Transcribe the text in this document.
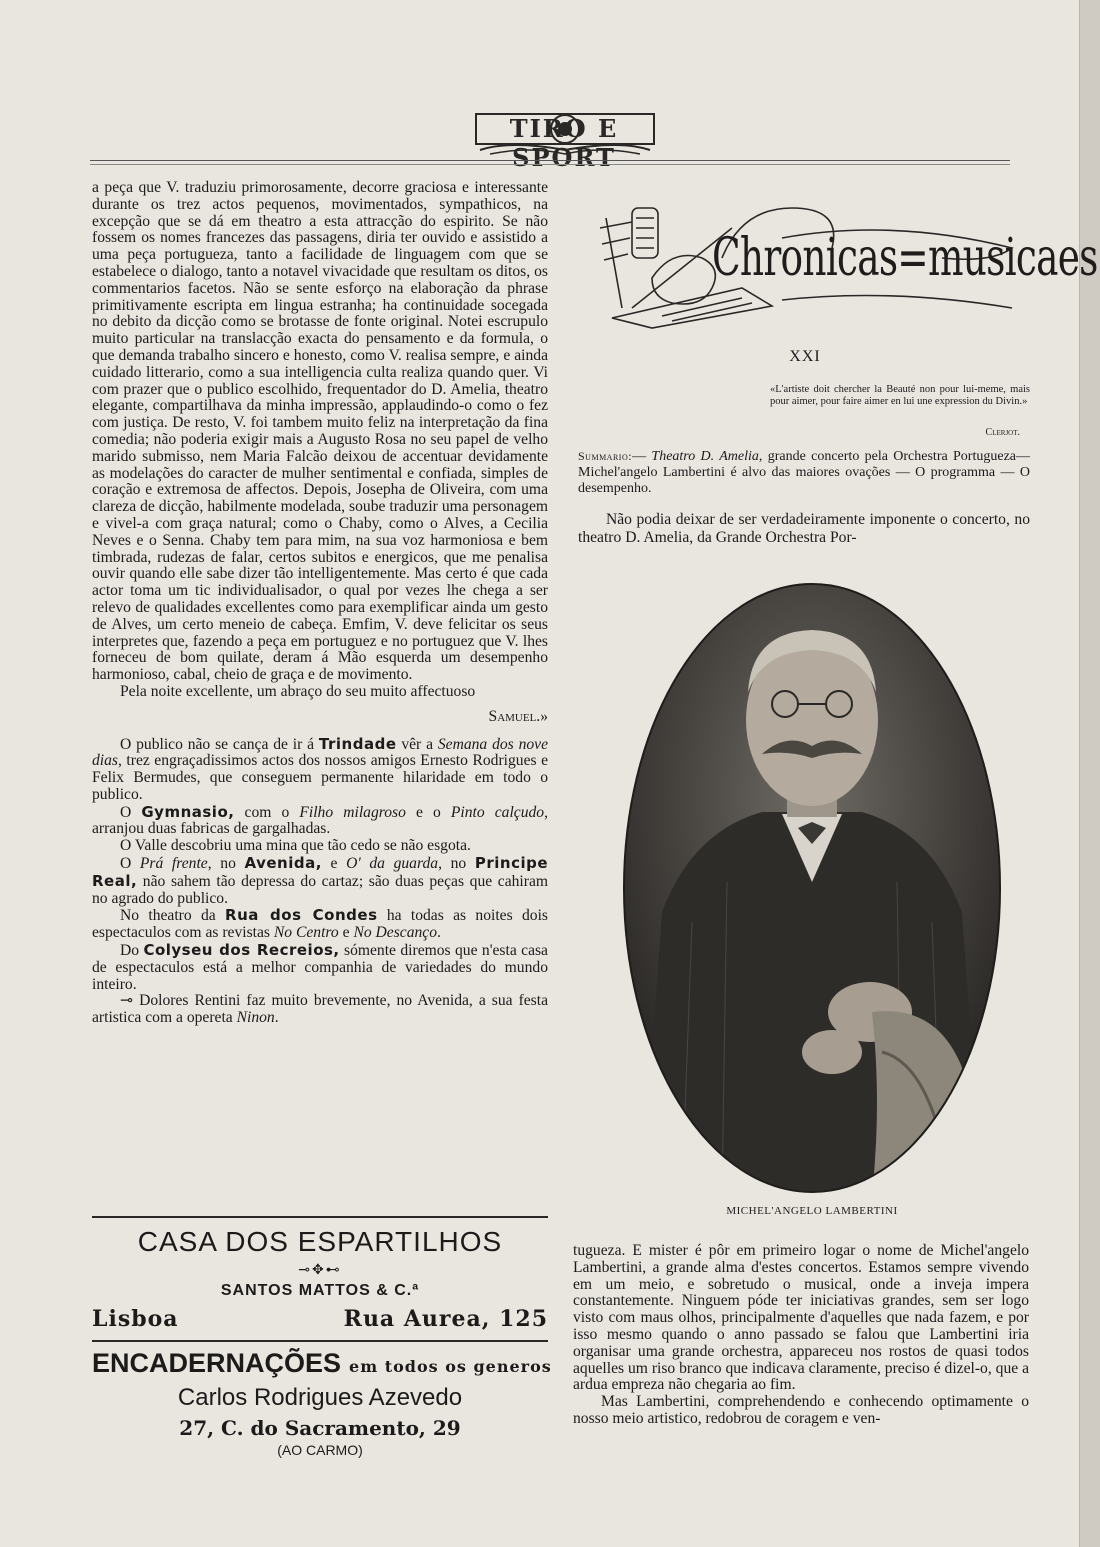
TIRO E SPORT

a peça que V. traduziu primorosamente, decorre graciosa e interessante durante os trez actos pequenos, movimentados, sympathicos, na excepção que se dá em theatro a esta attracção do espirito. Se não fossem os nomes francezes das passagens, diria ter ouvido e assistido a uma peça portugueza, tanto a facilidade de linguagem com que se estabelece o dialogo, tanto a notavel vivacidade que resultam os ditos, os commentarios facetos. Não se sente esforço na elaboração da phrase primitivamente escripta em lingua estranha; ha continuidade socegada no debito da dicção como se brotasse de fonte original. Notei escrupulo muito particular na translacção exacta do pensamento e da formula, o que demanda trabalho sincero e honesto, como V. realisa sempre, e ainda cuidado litterario, como a sua intelligencia culta realiza quando quer. Vi com prazer que o publico escolhido, frequentador do D. Amelia, theatro elegante, compartilhava da minha impressão, applaudindo-o como o fez com justiça. De resto, V. foi tambem muito feliz na interpretação da fina comedia; não poderia exigir mais a Augusto Rosa no seu papel de velho marido submisso, nem Maria Falcão deixou de accentuar devidamente as modelações do caracter de mulher sentimental e confiada, simples de coração e extremosa de affectos. Depois, Josepha de Oliveira, com uma clareza de dicção, habilmente modelada, soube traduzir uma personagem e vivel-a com graça natural; como o Chaby, como o Alves, a Cecilia Neves e o Senna. Chaby tem para mim, na sua voz harmoniosa e bem timbrada, rudezas de falar, certos subitos e energicos, que me penalisa ouvir quando elle sabe dizer tão intelligentemente. Mas certo é que cada actor toma um tic individualisador, o qual por vezes lhe chega a ser relevo de qualidades excellentes como para exemplificar ainda um gesto de Alves, um certo meneio de cabeça. Emfim, V. deve felicitar os seus interpretes que, fazendo a peça em portuguez e no portuguez que V. lhes forneceu de bom quilate, deram á Mão esquerda um desempenho harmonioso, cabal, cheio de graça e de movimento.

Pela noite excellente, um abraço do seu muito affectuoso

Samuel.»

O publico não se cança de ir á Trindade vêr a Semana dos nove dias, trez engraçadissimos actos dos nossos amigos Ernesto Rodrigues e Felix Bermudes, que conseguem permanente hilaridade em todo o publico.

O Gymnasio, com o Filho milagroso e o Pinto calçudo, arranjou duas fabricas de gargalhadas.

O Valle descobriu uma mina que tão cedo se não esgota.

O Prá frente, no Avenida, e O' da guarda, no Principe Real, não sahem tão depressa do cartaz; são duas peças que cahiram no agrado do publico.

No theatro da Rua dos Condes ha todas as noites dois espectaculos com as revistas No Centro e No Descanço.

Do Colyseu dos Recreios, sómente diremos que n'esta casa de espectaculos está a melhor companhia de variedades do mundo inteiro.

⊸ Dolores Rentini faz muito brevemente, no Avenida, a sua festa artistica com a opereta Ninon.

CASA DOS ESPARTILHOS
⊸✥⊷
SANTOS MATTOS & C.ª
Lisboa	Rua Aurea, 125
ENCADERNAÇÕES em todos os generos
Carlos Rodrigues Azevedo
27, C. do Sacramento, 29
(AO CARMO)
Chronicas=musicaes
XXI
«L'artiste doit chercher la Beauté non pour lui-meme, mais pour aimer, pour faire aimer en lui une expression du Divin.»
Clerjot.
Summario:— Theatro D. Amelia, grande concerto pela Orchestra Portugueza—Michel'angelo Lambertini é alvo das maiores ovações — O programma — O desempenho.

Não podia deixar de ser verdadeiramente imponente o concerto, no theatro D. Amelia, da Grande Orchestra Por-

MICHEL'ANGELO LAMBERTINI

tugueza. E mister é pôr em primeiro logar o nome de Michel'angelo Lambertini, a grande alma d'estes concertos. Estamos sempre vivendo em um meio, e sobretudo o musical, onde a inveja impera constantemente. Ninguem póde ter iniciativas grandes, sem ser logo visto com maus olhos, principalmente d'aquelles que nada fazem, e por isso mesmo quando o anno passado se falou que Lambertini iria organisar uma grande orchestra, appareceu nos rostos de quasi todos aquelles um riso branco que indicava claramente, preciso é dizel-o, que a ardua empreza não chegaria ao fim.

Mas Lambertini, comprehendendo e conhecendo optimamente o nosso meio artistico, redobrou de coragem e ven-
